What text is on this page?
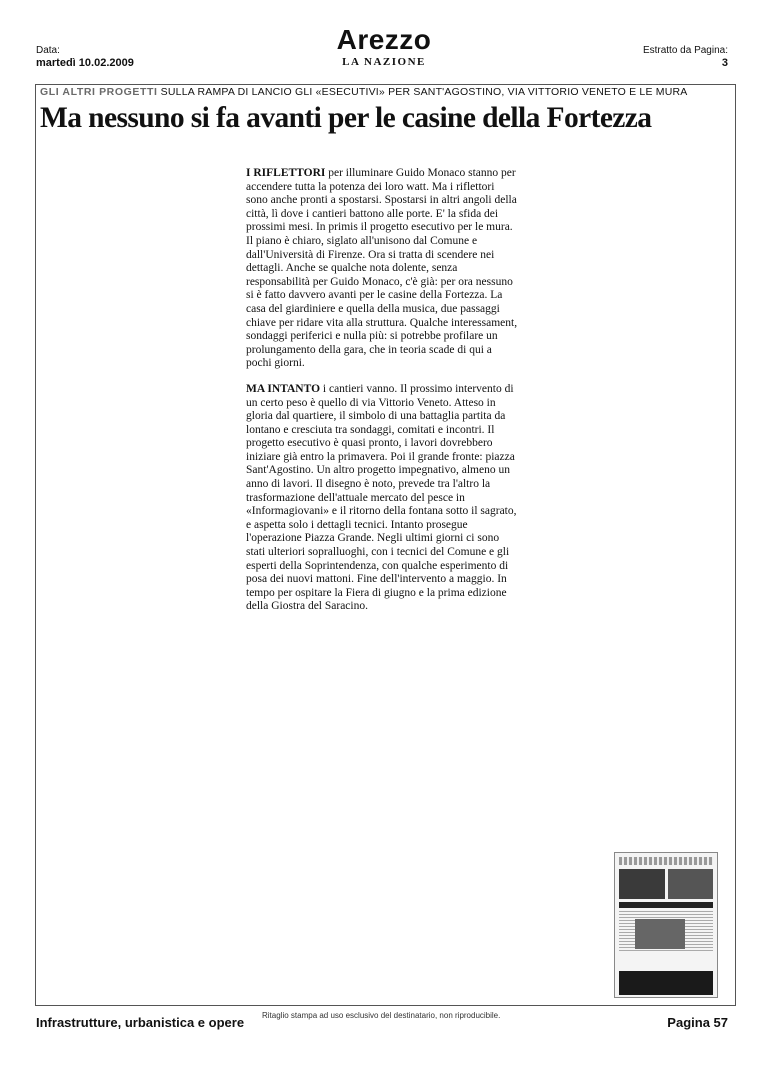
Data:
martedì 10.02.2009
Arezzo
LA NAZIONE
Estratto da Pagina:
3
GLI ALTRI PROGETTI SULLA RAMPA DI LANCIO GLI «ESECUTIVI» PER SANT'AGOSTINO, VIA VITTORIO VENETO E LE MURA
Ma nessuno si fa avanti per le casine della Fortezza

I RIFLETTORI per illuminare Guido Monaco stanno per accendere tutta la potenza dei loro watt. Ma i riflettori sono anche pronti a spostarsi. Spostarsi in altri angoli della città, lì dove i cantieri battono alle porte. E' la sfida dei prossimi mesi. In primis il progetto esecutivo per le mura. Il piano è chiaro, siglato all'unisono dal Comune e dall'Università di Firenze. Ora si tratta di scendere nei dettagli. Anche se qualche nota dolente, senza responsabilità per Guido Monaco, c'è già: per ora nessuno si è fatto davvero avanti per le casine della Fortezza. La casa del giardiniere e quella della musica, due passaggi chiave per ridare vita alla struttura. Qualche interessament, sondaggi periferici e nulla più: si potrebbe profilare un prolungamento della gara, che in teoria scade di qui a pochi giorni.

MA INTANTO i cantieri vanno. Il prossimo intervento di un certo peso è quello di via Vittorio Veneto. Atteso in gloria dal quartiere, il simbolo di una battaglia partita da lontano e cresciuta tra sondaggi, comitati e incontri. Il progetto esecutivo è quasi pronto, i lavori dovrebbero iniziare già entro la primavera. Poi il grande fronte: piazza Sant'Agostino. Un altro progetto impegnativo, almeno un anno di lavori. Il disegno è noto, prevede tra l'altro la trasformazione dell'attuale mercato del pesce in «Informagiovani» e il ritorno della fontana sotto il sagrato, e aspetta solo i dettagli tecnici. Intanto prosegue l'operazione Piazza Grande. Negli ultimi giorni ci sono stati ulteriori sopralluoghi, con i tecnici del Comune e gli esperti della Soprintendenza, con qualche esperimento di posa dei nuovi mattoni. Fine dell'intervento a maggio. In tempo per ospitare la Fiera di giugno e la prima edizione della Giostra del Saracino.

Infrastrutture, urbanistica e opere Ritaglio stampa ad uso esclusivo del destinatario, non riproducibile.	Pagina 57
